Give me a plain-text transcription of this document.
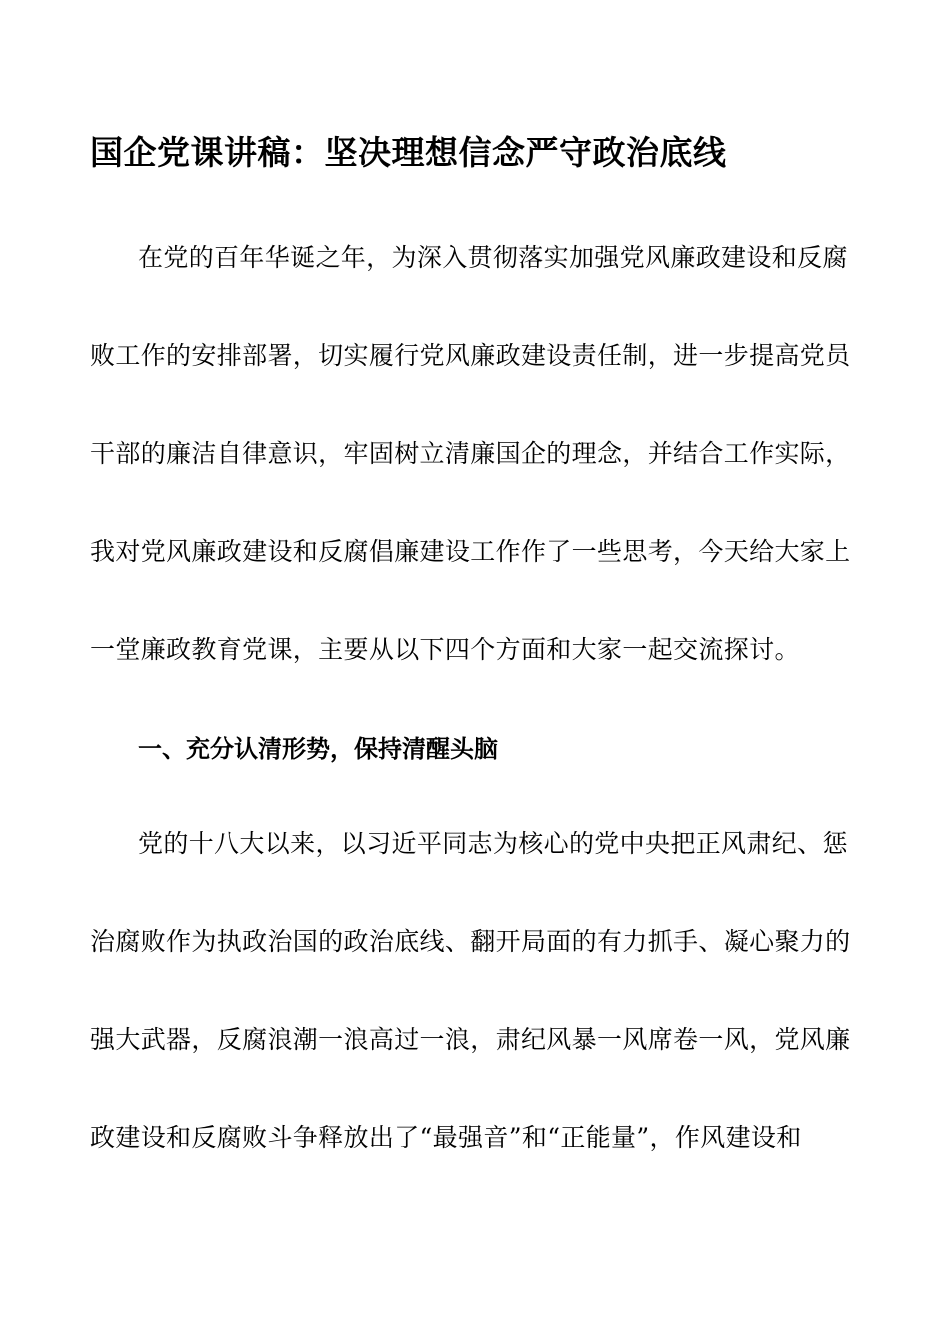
国企党课讲稿：坚决理想信念严守政治底线

在党的百年华诞之年，为深入贯彻落实加强党风廉政建设和反腐

败工作的安排部署，切实履行党风廉政建设责任制，进一步提高党员

干部的廉洁自律意识，牢固树立清廉国企的理念，并结合工作实际，

我对党风廉政建设和反腐倡廉建设工作作了一些思考，今天给大家上

一堂廉政教育党课，主要从以下四个方面和大家一起交流探讨。

一、充分认清形势，保持清醒头脑

党的十八大以来，以习近平同志为核心的党中央把正风肃纪、惩

治腐败作为执政治国的政治底线、翻开局面的有力抓手、凝心聚力的

强大武器，反腐浪潮一浪高过一浪，肃纪风暴一风席卷一风，党风廉

政建设和反腐败斗争释放出了“最强音”和“正能量”，作风建设和
